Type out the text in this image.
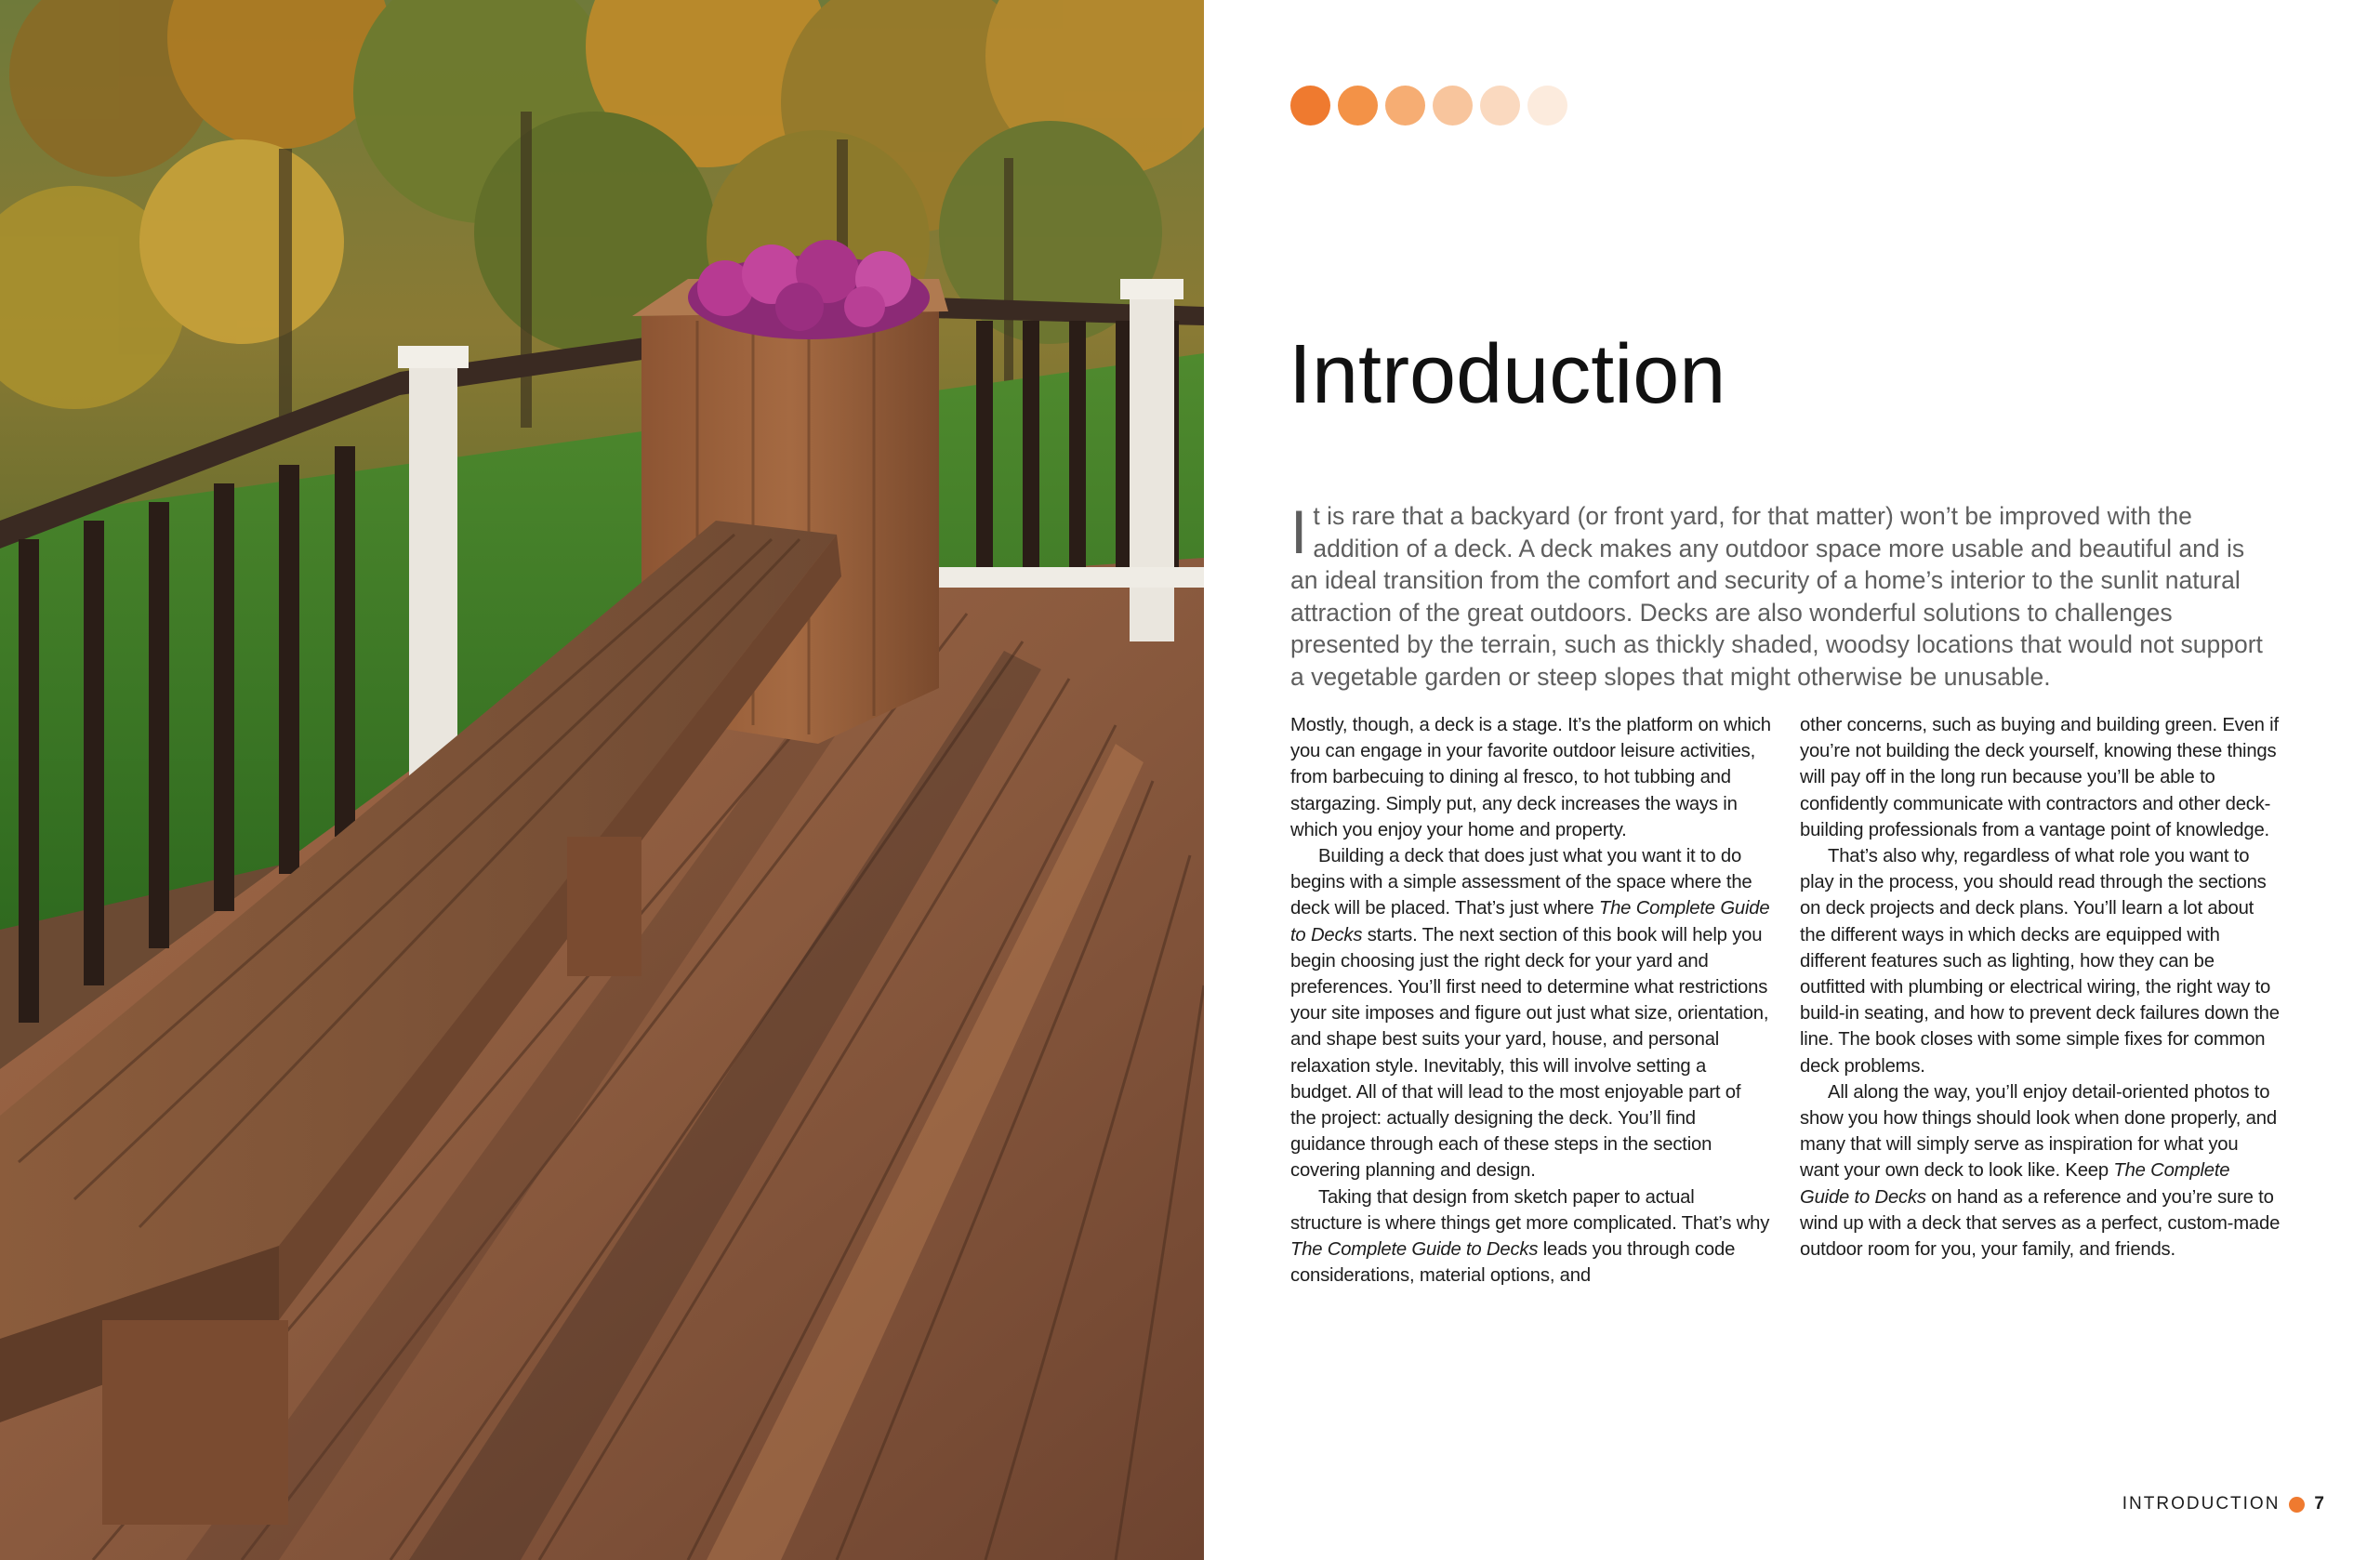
Introduction
It is rare that a backyard (or front yard, for that matter) won’t be improved with the addition of a deck. A deck makes any outdoor space more usable and beautiful and is an ideal transition from the comfort and security of a home’s interior to the sunlit natural attraction of the great outdoors. Decks are also wonderful solutions to challenges presented by the terrain, such as thickly shaded, woodsy locations that would not support a vegetable garden or steep slopes that might otherwise be unusable.

Mostly, though, a deck is a stage. It’s the platform on which you can engage in your favorite outdoor leisure activities, from barbecuing to dining al fresco, to hot tubbing and stargazing. Simply put, any deck increases the ways in which you enjoy your home and property.

Building a deck that does just what you want it to do begins with a simple assessment of the space where the deck will be placed. That’s just where The Complete Guide to Decks starts. The next section of this book will help you begin choosing just the right deck for your yard and preferences. You’ll first need to determine what restrictions your site imposes and figure out just what size, orientation, and shape best suits your yard, house, and personal relaxation style. Inevitably, this will involve setting a budget. All of that will lead to the most enjoyable part of the project: actually designing the deck. You’ll find guidance through each of these steps in the section covering planning and design.

Taking that design from sketch paper to actual structure is where things get more complicated. That’s why The Complete Guide to Decks leads you through code considerations, material options, and

other concerns, such as buying and building green. Even if you’re not building the deck yourself, knowing these things will pay off in the long run because you’ll be able to confidently communicate with contractors and other deck-building professionals from a vantage point of knowledge.

That’s also why, regardless of what role you want to play in the process, you should read through the sections on deck projects and deck plans. You’ll learn a lot about the different ways in which decks are equipped with different features such as lighting, how they can be outfitted with plumbing or electrical wiring, the right way to build-in seating, and how to prevent deck failures down the line. The book closes with some simple fixes for common deck problems.

All along the way, you’ll enjoy detail-oriented photos to show you how things should look when done properly, and many that will simply serve as inspiration for what you want your own deck to look like. Keep The Complete Guide to Decks on hand as a reference and you’re sure to wind up with a deck that serves as a perfect, custom-made outdoor room for you, your family, and friends.

INTRODUCTION 7
